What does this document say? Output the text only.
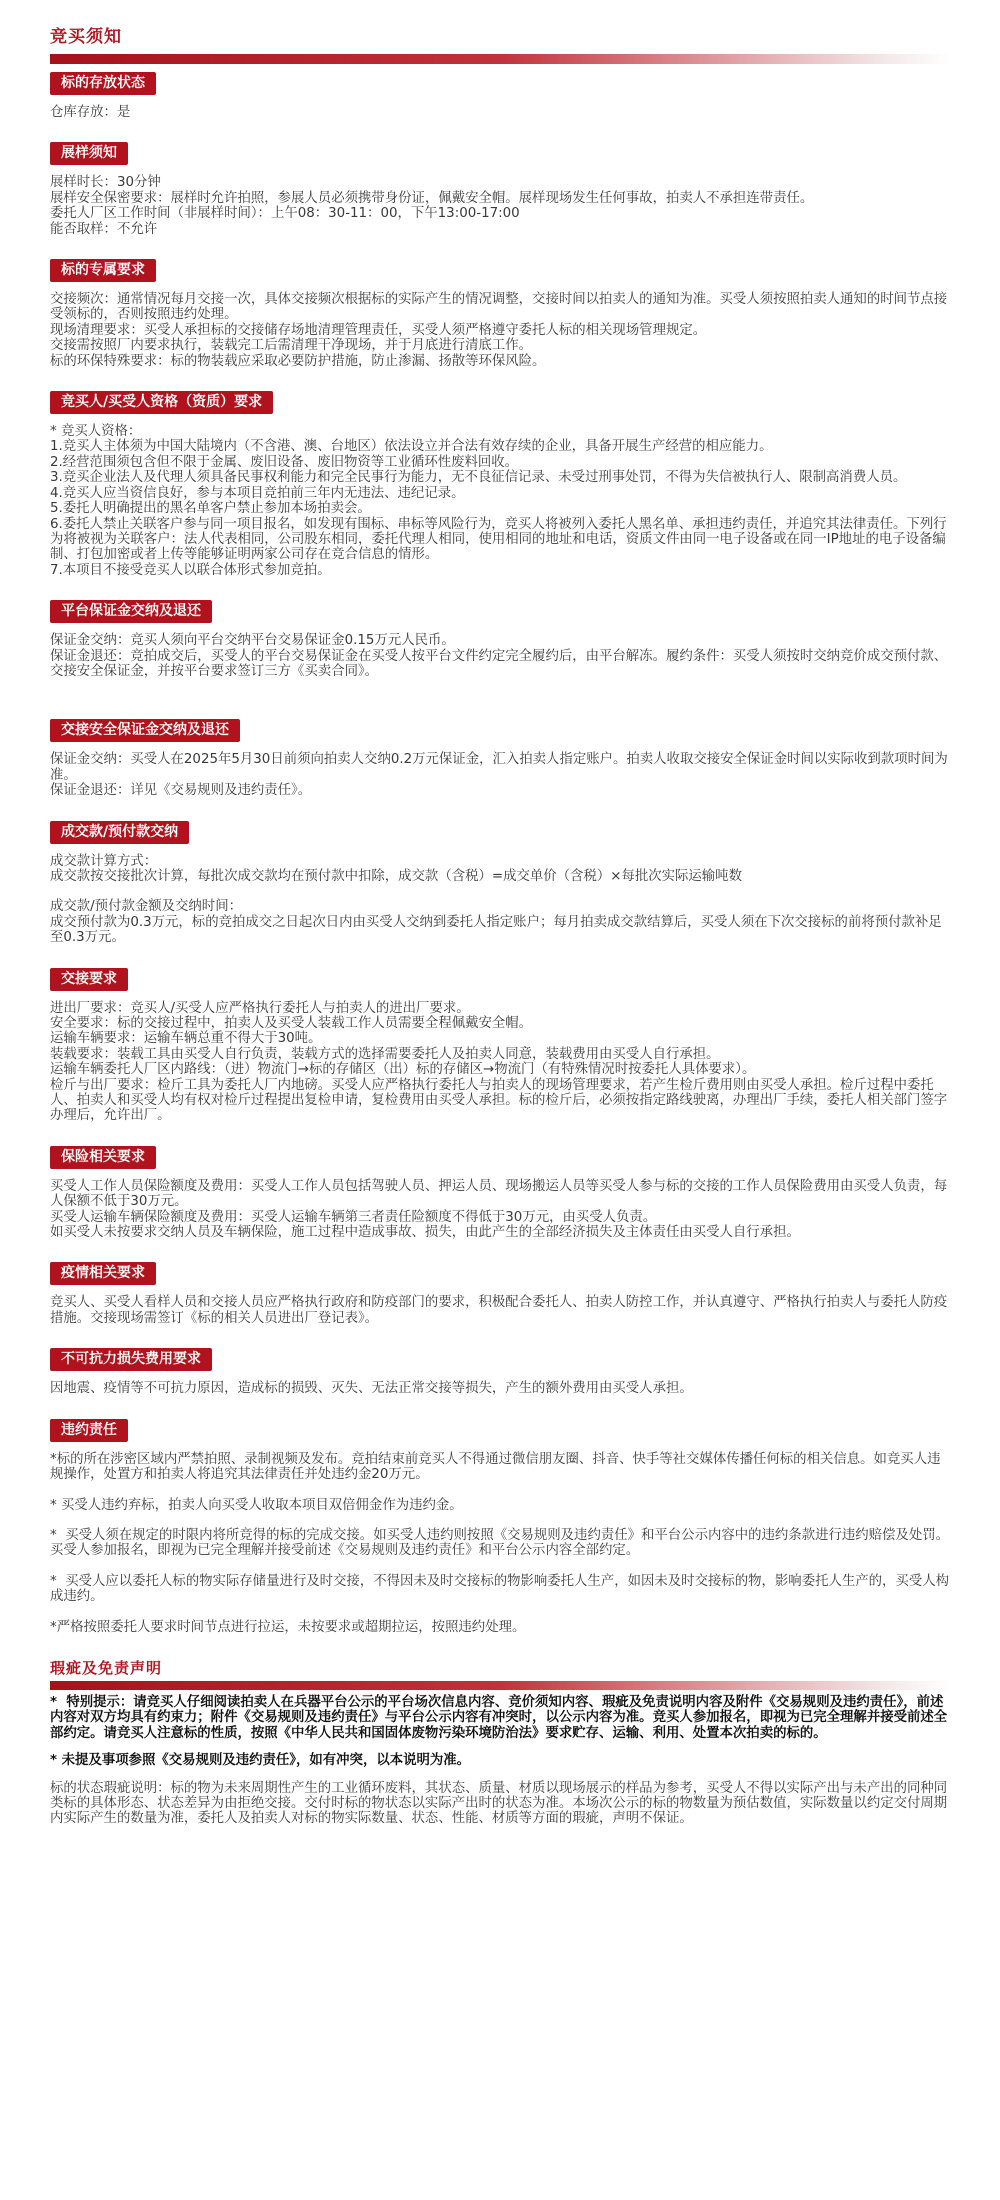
竞买须知
标的存放状态

仓库存放：是

展样须知

展样时长：30分钟

展样安全保密要求：展样时允许拍照，参展人员必须携带身份证，佩戴安全帽。展样现场发生任何事故，拍卖人不承担连带责任。

委托人厂区工作时间（非展样时间）：上午08：30-11：00，下午13:00-17:00

能否取样：不允许

标的专属要求

交接频次：通常情况每月交接一次，具体交接频次根据标的实际产生的情况调整，交接时间以拍卖人的通知为准。买受人须按照拍卖人通知的时间节点接受领标的，否则按照违约处理。

现场清理要求：买受人承担标的交接储存场地清理管理责任，买受人须严格遵守委托人标的相关现场管理规定。

交接需按照厂内要求执行，装载完工后需清理干净现场，并于月底进行清底工作。

标的环保特殊要求：标的物装载应采取必要防护措施，防止渗漏、扬散等环保风险。

竞买人/买受人资格（资质）要求

* 竞买人资格：

1.竞买人主体须为中国大陆境内（不含港、澳、台地区）依法设立并合法有效存续的企业，具备开展生产经营的相应能力。

2.经营范围须包含但不限于金属、废旧设备、废旧物资等工业循环性废料回收。

3.竞买企业法人及代理人须具备民事权利能力和完全民事行为能力，无不良征信记录、未受过刑事处罚，不得为失信被执行人、限制高消费人员。

4.竞买人应当资信良好，参与本项目竞拍前三年内无违法、违纪记录。

5.委托人明确提出的黑名单客户禁止参加本场拍卖会。

6.委托人禁止关联客户参与同一项目报名，如发现有围标、串标等风险行为，竞买人将被列入委托人黑名单、承担违约责任，并追究其法律责任。下列行为将被视为关联客户：法人代表相同，公司股东相同，委托代理人相同，使用相同的地址和电话，资质文件由同一电子设备或在同一IP地址的电子设备编制、打包加密或者上传等能够证明两家公司存在竞合信息的情形。

7.本项目不接受竞买人以联合体形式参加竞拍。

平台保证金交纳及退还

保证金交纳：竞买人须向平台交纳平台交易保证金0.15万元人民币。

保证金退还：竞拍成交后，买受人的平台交易保证金在买受人按平台文件约定完全履约后，由平台解冻。履约条件：买受人须按时交纳竞价成交预付款、交接安全保证金，并按平台要求签订三方《买卖合同》。

交接安全保证金交纳及退还

保证金交纳：买受人在2025年5月30日前须向拍卖人交纳0.2万元保证金，汇入拍卖人指定账户。拍卖人收取交接安全保证金时间以实际收到款项时间为准。

保证金退还：详见《交易规则及违约责任》。

成交款/预付款交纳

成交款计算方式：

成交款按交接批次计算，每批次成交款均在预付款中扣除，成交款（含税）=成交单价（含税）×每批次实际运输吨数

成交款/预付款金额及交纳时间：

成交预付款为0.3万元，标的竞拍成交之日起次日内由买受人交纳到委托人指定账户；每月拍卖成交款结算后，买受人须在下次交接标的前将预付款补足至0.3万元。

交接要求

进出厂要求：竞买人/买受人应严格执行委托人与拍卖人的进出厂要求。

安全要求：标的交接过程中，拍卖人及买受人装载工作人员需要全程佩戴安全帽。

运输车辆要求：运输车辆总重不得大于30吨。

装载要求：装载工具由买受人自行负责，装载方式的选择需要委托人及拍卖人同意，装载费用由买受人自行承担。

运输车辆委托人厂区内路线：（进）物流门→标的存储区（出）标的存储区→物流门（有特殊情况时按委托人具体要求）。

检斤与出厂要求：检斤工具为委托人厂内地磅。买受人应严格执行委托人与拍卖人的现场管理要求，若产生检斤费用则由买受人承担。检斤过程中委托人、拍卖人和买受人均有权对检斤过程提出复检申请，复检费用由买受人承担。标的检斤后，必须按指定路线驶离，办理出厂手续，委托人相关部门签字办理后，允许出厂。

保险相关要求

买受人工作人员保险额度及费用：买受人工作人员包括驾驶人员、押运人员、现场搬运人员等买受人参与标的交接的工作人员保险费用由买受人负责，每人保额不低于30万元。

买受人运输车辆保险额度及费用：买受人运输车辆第三者责任险额度不得低于30万元，由买受人负责。

如买受人未按要求交纳人员及车辆保险，施工过程中造成事故、损失，由此产生的全部经济损失及主体责任由买受人自行承担。

疫情相关要求

竞买人、买受人看样人员和交接人员应严格执行政府和防疫部门的要求，积极配合委托人、拍卖人防控工作，并认真遵守、严格执行拍卖人与委托人防疫措施。交接现场需签订《标的相关人员进出厂登记表》。

不可抗力损失费用要求

因地震、疫情等不可抗力原因，造成标的损毁、灭失、无法正常交接等损失，产生的额外费用由买受人承担。

违约责任

*标的所在涉密区域内严禁拍照、录制视频及发布。竞拍结束前竞买人不得通过微信朋友圈、抖音、快手等社交媒体传播任何标的相关信息。如竞买人违规操作，处置方和拍卖人将追究其法律责任并处违约金20万元。

* 买受人违约弃标，拍卖人向买受人收取本项目双倍佣金作为违约金。

*  买受人须在规定的时限内将所竞得的标的完成交接。如买受人违约则按照《交易规则及违约责任》和平台公示内容中的违约条款进行违约赔偿及处罚。买受人参加报名，即视为已完全理解并接受前述《交易规则及违约责任》和平台公示内容全部约定。

*  买受人应以委托人标的物实际存储量进行及时交接，不得因未及时交接标的物影响委托人生产，如因未及时交接标的物，影响委托人生产的，买受人构成违约。

*严格按照委托人要求时间节点进行拉运，未按要求或超期拉运，按照违约处理。

瑕疵及免责声明

*  特别提示：请竞买人仔细阅读拍卖人在兵器平台公示的平台场次信息内容、竞价须知内容、瑕疵及免责说明内容及附件《交易规则及违约责任》，前述内容对双方均具有约束力；附件《交易规则及违约责任》与平台公示内容有冲突时，以公示内容为准。竞买人参加报名，即视为已完全理解并接受前述全部约定。请竞买人注意标的性质，按照《中华人民共和国固体废物污染环境防治法》要求贮存、运输、利用、处置本次拍卖的标的。

* 未提及事项参照《交易规则及违约责任》，如有冲突，以本说明为准。

标的状态瑕疵说明：标的物为未来周期性产生的工业循环废料，其状态、质量、材质以现场展示的样品为参考，买受人不得以实际产出与未产出的同种同类标的具体形态、状态差异为由拒绝交接。交付时标的物状态以实际产出时的状态为准。本场次公示的标的物数量为预估数值，实际数量以约定交付周期内实际产生的数量为准，委托人及拍卖人对标的物实际数量、状态、性能、材质等方面的瑕疵，声明不保证。
